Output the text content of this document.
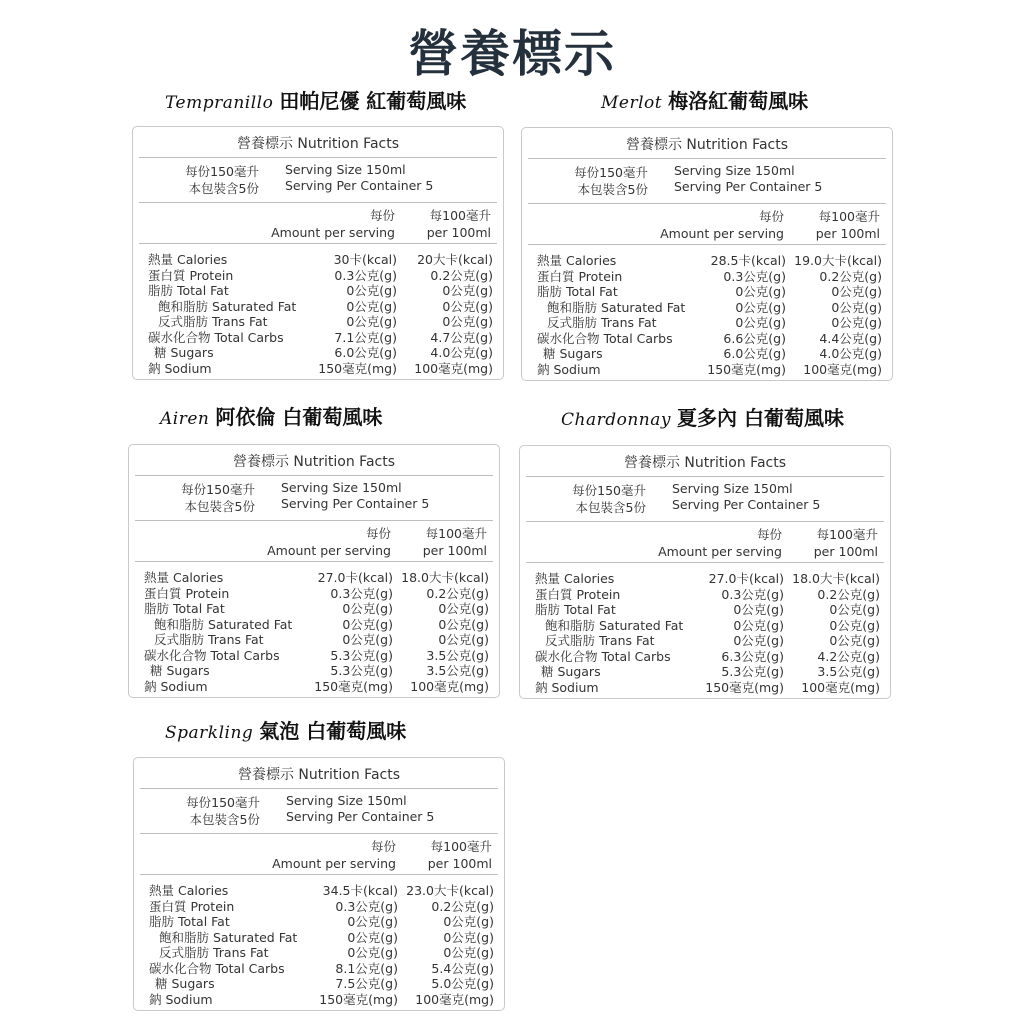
營養標示
Tempranillo 田帕尼優 紅葡萄風味
營養標示 Nutrition Facts
每份150毫升
本包裝含5份
Serving Size 150ml
Serving Per Container 5
每份
Amount per serving
每100毫升
per 100ml
熱量 Calories	30卡(kcal)	20大卡(kcal)
蛋白質 Protein	0.3公克(g)	0.2公克(g)
脂肪 Total Fat	0公克(g)	0公克(g)
飽和脂肪 Saturated Fat	0公克(g)	0公克(g)
反式脂肪 Trans Fat	0公克(g)	0公克(g)
碳水化合物 Total Carbs	7.1公克(g)	4.7公克(g)
糖 Sugars	6.0公克(g)	4.0公克(g)
鈉 Sodium	150毫克(mg)	100毫克(mg)
Merlot 梅洛紅葡萄風味
營養標示 Nutrition Facts
每份150毫升
本包裝含5份
Serving Size 150ml
Serving Per Container 5
每份
Amount per serving
每100毫升
per 100ml
熱量 Calories	28.5卡(kcal) 19.0大卡(kcal)
蛋白質 Protein	0.3公克(g)	0.2公克(g)
脂肪 Total Fat	0公克(g)	0公克(g)
飽和脂肪 Saturated Fat	0公克(g)	0公克(g)
反式脂肪 Trans Fat	0公克(g)	0公克(g)
碳水化合物 Total Carbs	6.6公克(g)	4.4公克(g)
糖 Sugars	6.0公克(g)	4.0公克(g)
鈉 Sodium	150毫克(mg)	100毫克(mg)
Airen 阿依倫 白葡萄風味
營養標示 Nutrition Facts
每份150毫升
本包裝含5份
Serving Size 150ml
Serving Per Container 5
每份
Amount per serving
每100毫升
per 100ml
熱量 Calories	27.0卡(kcal) 18.0大卡(kcal)
蛋白質 Protein	0.3公克(g)	0.2公克(g)
脂肪 Total Fat	0公克(g)	0公克(g)
飽和脂肪 Saturated Fat	0公克(g)	0公克(g)
反式脂肪 Trans Fat	0公克(g)	0公克(g)
碳水化合物 Total Carbs	5.3公克(g)	3.5公克(g)
糖 Sugars	5.3公克(g)	3.5公克(g)
鈉 Sodium	150毫克(mg)	100毫克(mg)
Chardonnay 夏多內 白葡萄風味
營養標示 Nutrition Facts
每份150毫升
本包裝含5份
Serving Size 150ml
Serving Per Container 5
每份
Amount per serving
每100毫升
per 100ml
熱量 Calories	27.0卡(kcal) 18.0大卡(kcal)
蛋白質 Protein	0.3公克(g)	0.2公克(g)
脂肪 Total Fat	0公克(g)	0公克(g)
飽和脂肪 Saturated Fat	0公克(g)	0公克(g)
反式脂肪 Trans Fat	0公克(g)	0公克(g)
碳水化合物 Total Carbs	6.3公克(g)	4.2公克(g)
糖 Sugars	5.3公克(g)	3.5公克(g)
鈉 Sodium	150毫克(mg)	100毫克(mg)
Sparkling 氣泡 白葡萄風味
營養標示 Nutrition Facts
每份150毫升
本包裝含5份
Serving Size 150ml
Serving Per Container 5
每份
Amount per serving
每100毫升
per 100ml
熱量 Calories	34.5卡(kcal) 23.0大卡(kcal)
蛋白質 Protein	0.3公克(g)	0.2公克(g)
脂肪 Total Fat	0公克(g)	0公克(g)
飽和脂肪 Saturated Fat	0公克(g)	0公克(g)
反式脂肪 Trans Fat	0公克(g)	0公克(g)
碳水化合物 Total Carbs	8.1公克(g)	5.4公克(g)
糖 Sugars	7.5公克(g)	5.0公克(g)
鈉 Sodium	150毫克(mg)	100毫克(mg)
